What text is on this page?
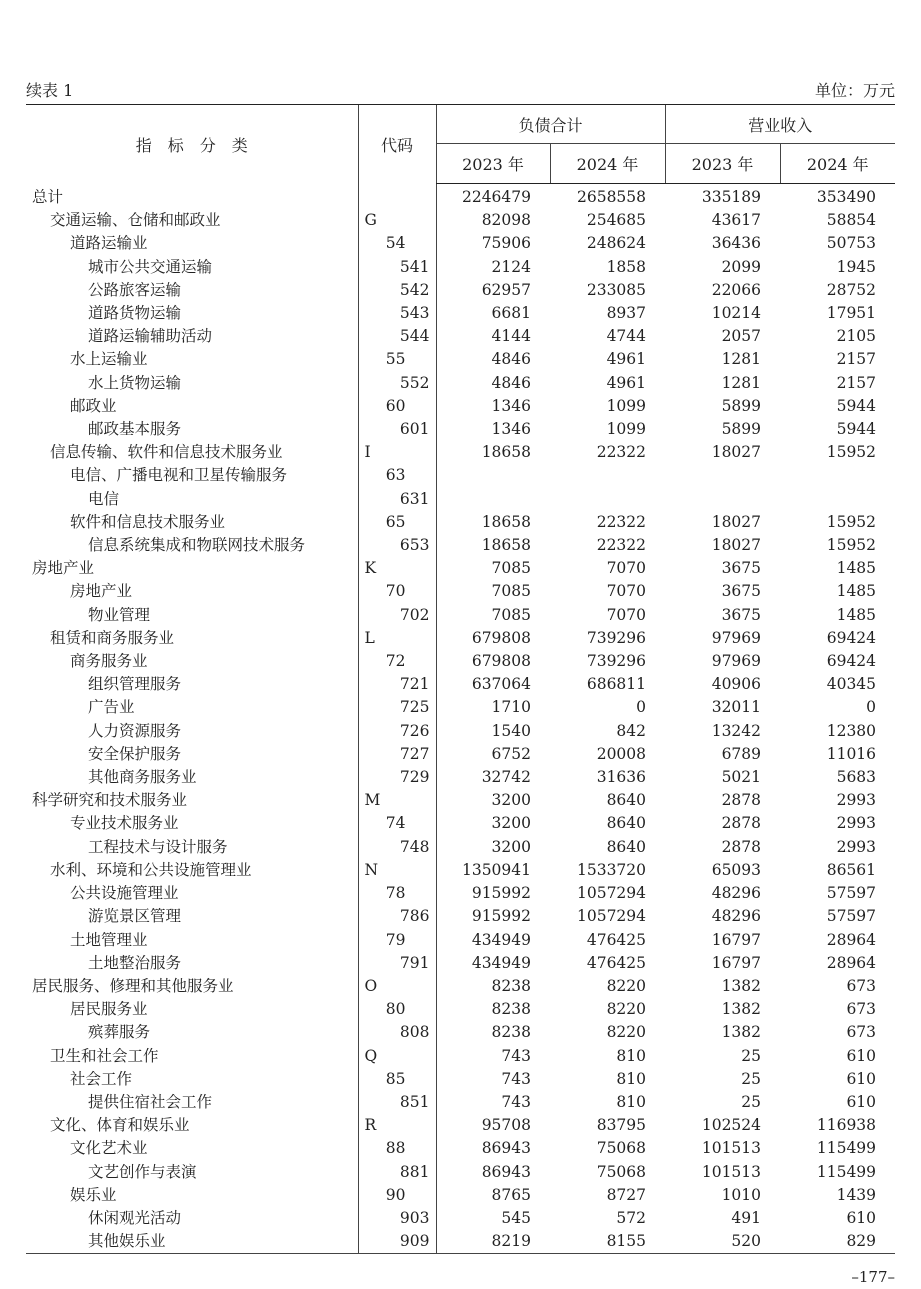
续表 1	单位：万元
指　标　分　类	代码	负债合计		营业收入	
		2023 年	2024 年	2023 年	2024 年
总计		2246479	2658558	335189	353490
交通运输、仓储和邮政业	G	82098	254685	43617	58854
道路运输业	54	75906	248624	36436	50753
城市公共交通运输	541	2124	1858	2099	1945
公路旅客运输	542	62957	233085	22066	28752
道路货物运输	543	6681	8937	10214	17951
道路运输辅助活动	544	4144	4744	2057	2105
水上运输业	55	4846	4961	1281	2157
水上货物运输	552	4846	4961	1281	2157
邮政业	60	1346	1099	5899	5944
邮政基本服务	601	1346	1099	5899	5944
信息传输、软件和信息技术服务业	I	18658	22322	18027	15952
电信、广播电视和卫星传输服务	63				
电信	631				
软件和信息技术服务业	65	18658	22322	18027	15952
信息系统集成和物联网技术服务	653	18658	22322	18027	15952
房地产业	K	7085	7070	3675	1485
房地产业	70	7085	7070	3675	1485
物业管理	702	7085	7070	3675	1485
租赁和商务服务业	L	679808	739296	97969	69424
商务服务业	72	679808	739296	97969	69424
组织管理服务	721	637064	686811	40906	40345
广告业	725	1710	0	32011	0
人力资源服务	726	1540	842	13242	12380
安全保护服务	727	6752	20008	6789	11016
其他商务服务业	729	32742	31636	5021	5683
科学研究和技术服务业	M	3200	8640	2878	2993
专业技术服务业	74	3200	8640	2878	2993
工程技术与设计服务	748	3200	8640	2878	2993
水利、环境和公共设施管理业	N	1350941	1533720	65093	86561
公共设施管理业	78	915992	1057294	48296	57597
游览景区管理	786	915992	1057294	48296	57597
土地管理业	79	434949	476425	16797	28964
土地整治服务	791	434949	476425	16797	28964
居民服务、修理和其他服务业	O	8238	8220	1382	673
居民服务业	80	8238	8220	1382	673
殡葬服务	808	8238	8220	1382	673
卫生和社会工作	Q	743	810	25	610
社会工作	85	743	810	25	610
提供住宿社会工作	851	743	810	25	610
文化、体育和娱乐业	R	95708	83795	102524	116938
文化艺术业	88	86943	75068	101513	115499
文艺创作与表演	881	86943	75068	101513	115499
娱乐业	90	8765	8727	1010	1439
休闲观光活动	903	545	572	491	610
其他娱乐业	909	8219	8155	520	829
–177–
